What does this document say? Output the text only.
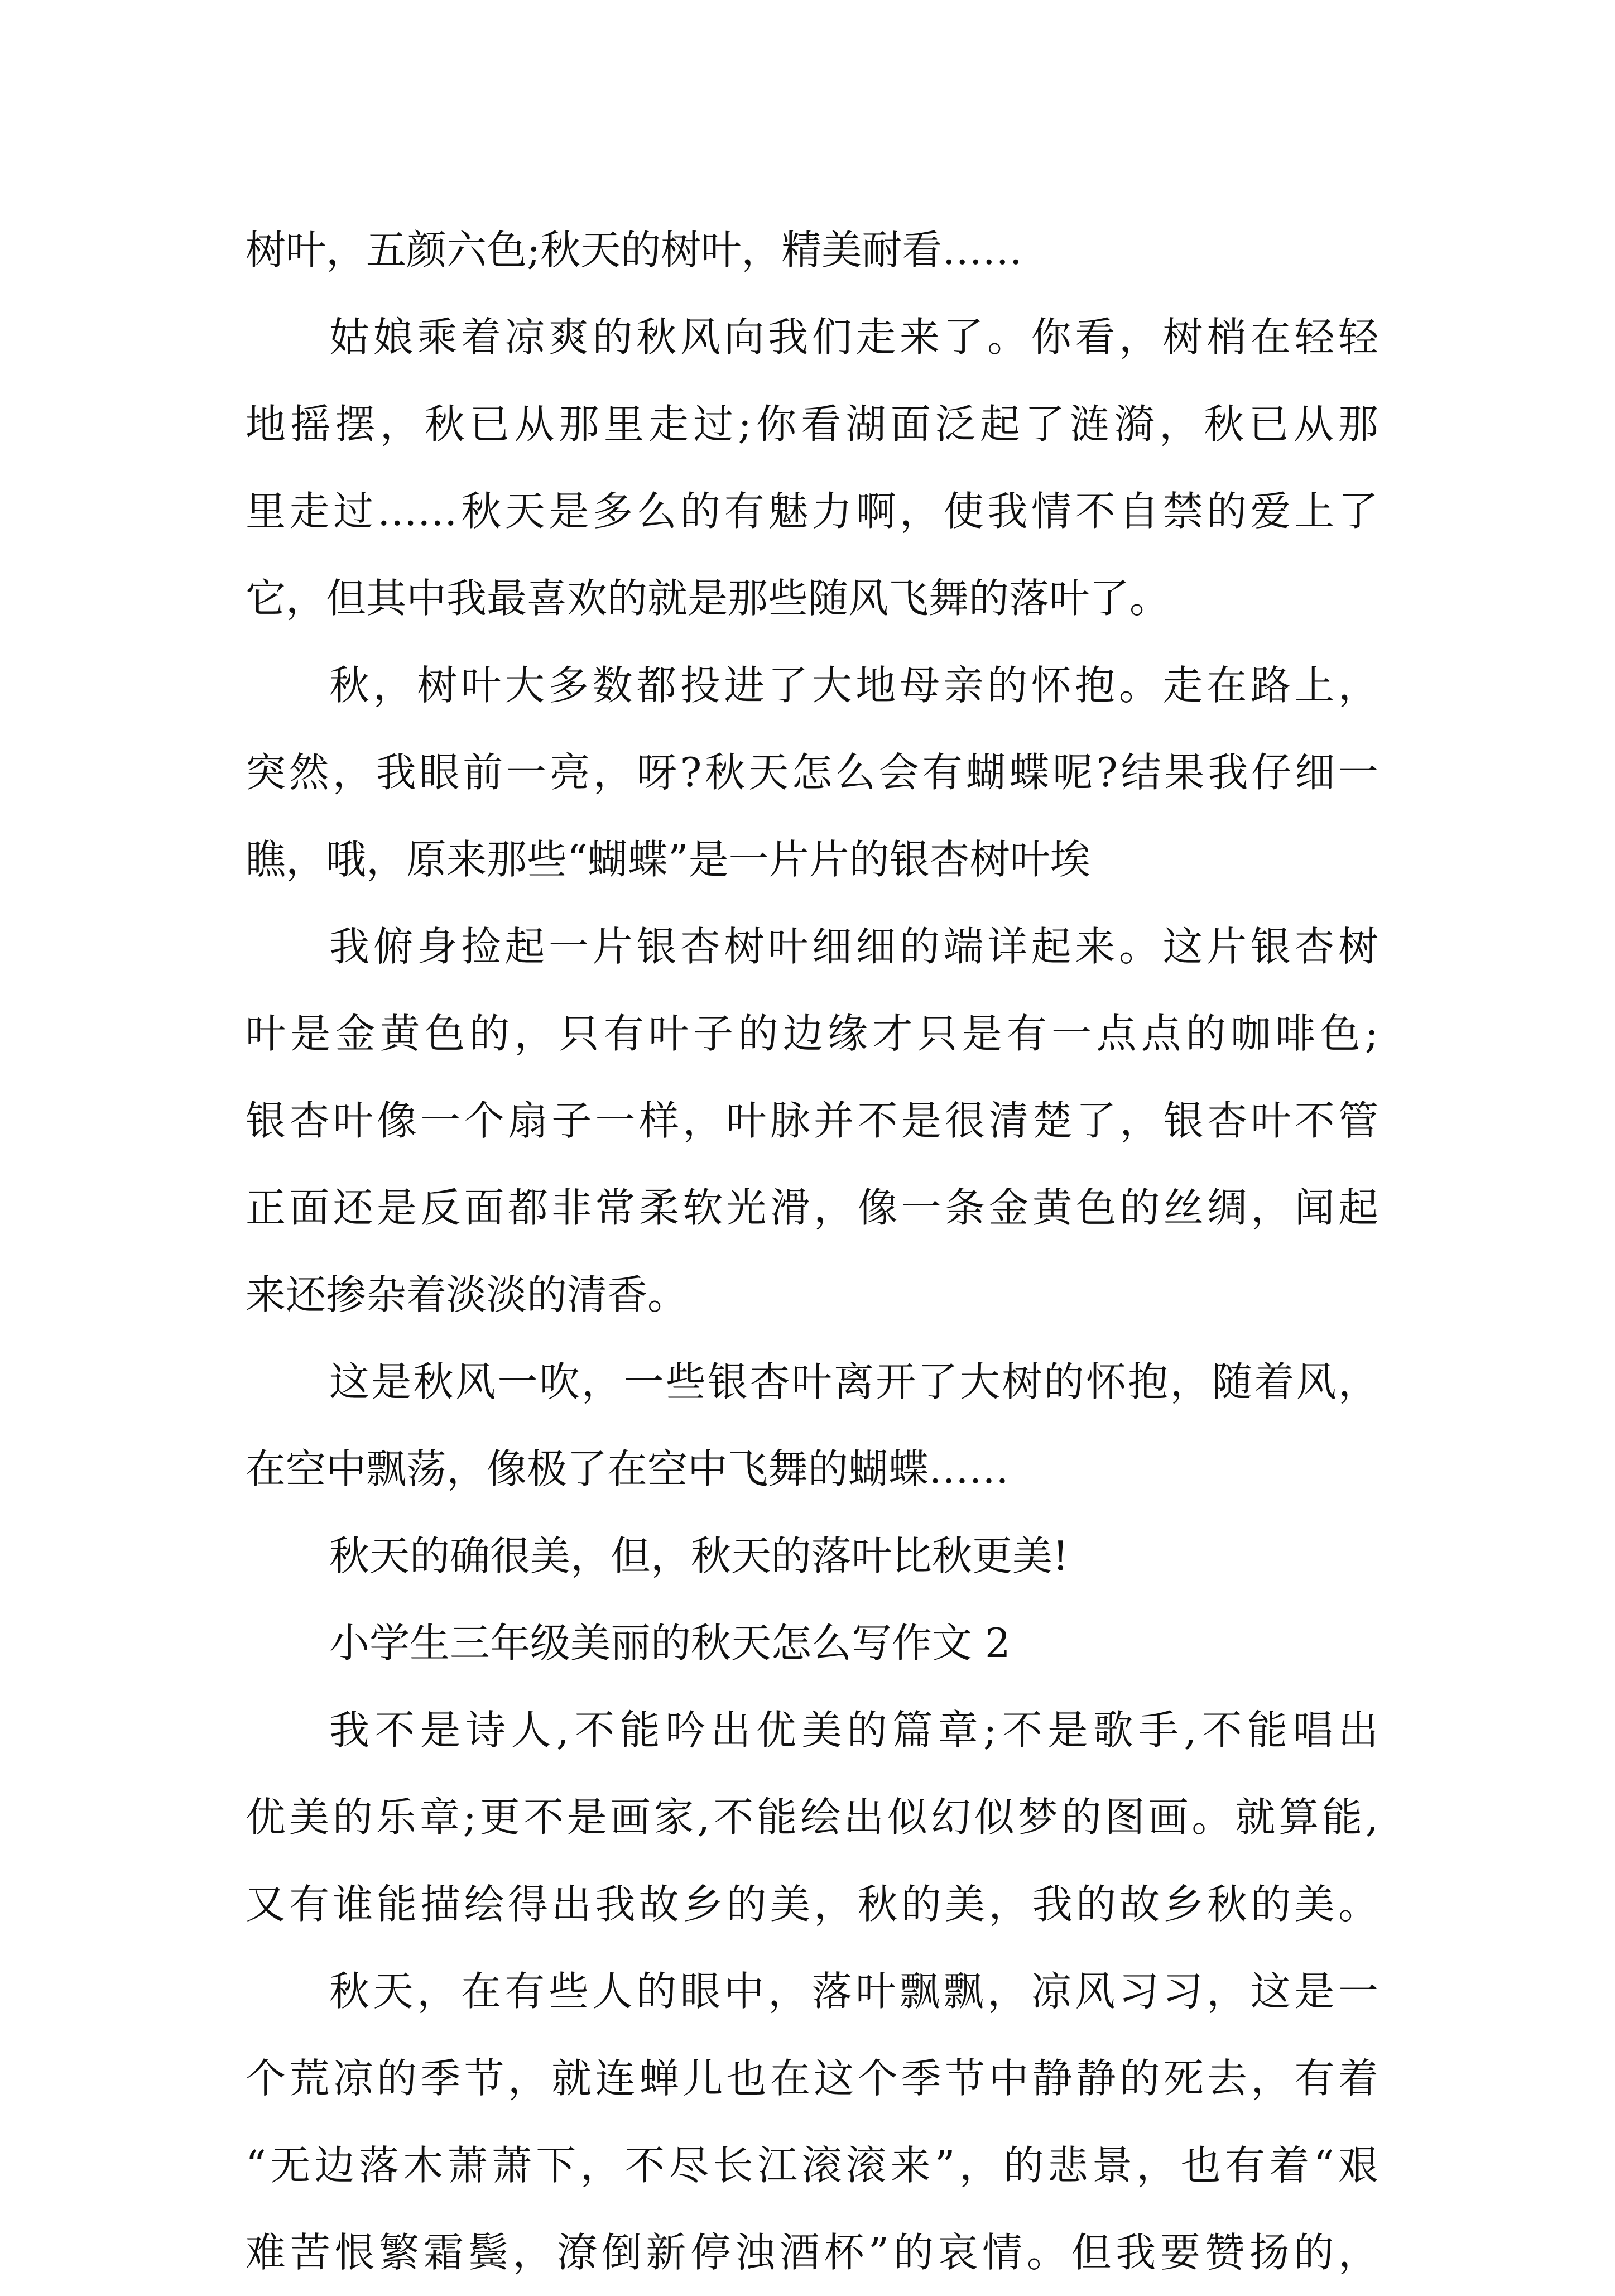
树叶，五颜六色;秋天的树叶，精美耐看……
姑娘乘着凉爽的秋风向我们走来了。你看，树梢在轻轻
地摇摆，秋已从那里走过;你看湖面泛起了涟漪，秋已从那
里走过……秋天是多么的有魅力啊，使我情不自禁的爱上了
它，但其中我最喜欢的就是那些随风飞舞的落叶了。
秋，树叶大多数都投进了大地母亲的怀抱。走在路上，
突然，我眼前一亮，呀?秋天怎么会有蝴蝶呢?结果我仔细一
瞧，哦，原来那些“蝴蝶”是一片片的银杏树叶埃
我俯身捡起一片银杏树叶细细的端详起来。这片银杏树
叶是金黄色的，只有叶子的边缘才只是有一点点的咖啡色;
银杏叶像一个扇子一样，叶脉并不是很清楚了，银杏叶不管
正面还是反面都非常柔软光滑，像一条金黄色的丝绸，闻起
来还掺杂着淡淡的清香。
这是秋风一吹，一些银杏叶离开了大树的怀抱，随着风，
在空中飘荡，像极了在空中飞舞的蝴蝶……
秋天的确很美，但，秋天的落叶比秋更美!
小学生三年级美丽的秋天怎么写作文 2
我不是诗人,不能吟出优美的篇章;不是歌手,不能唱出
优美的乐章;更不是画家,不能绘出似幻似梦的图画。就算能,
又有谁能描绘得出我故乡的美，秋的美，我的故乡秋的美。
秋天，在有些人的眼中，落叶飘飘，凉风习习，这是一
个荒凉的季节，就连蝉儿也在这个季节中静静的死去，有着
“无边落木萧萧下，不尽长江滚滚来”，的悲景，也有着“艰
难苦恨繁霜鬓，潦倒新停浊酒杯”的哀情。但我要赞扬的，
